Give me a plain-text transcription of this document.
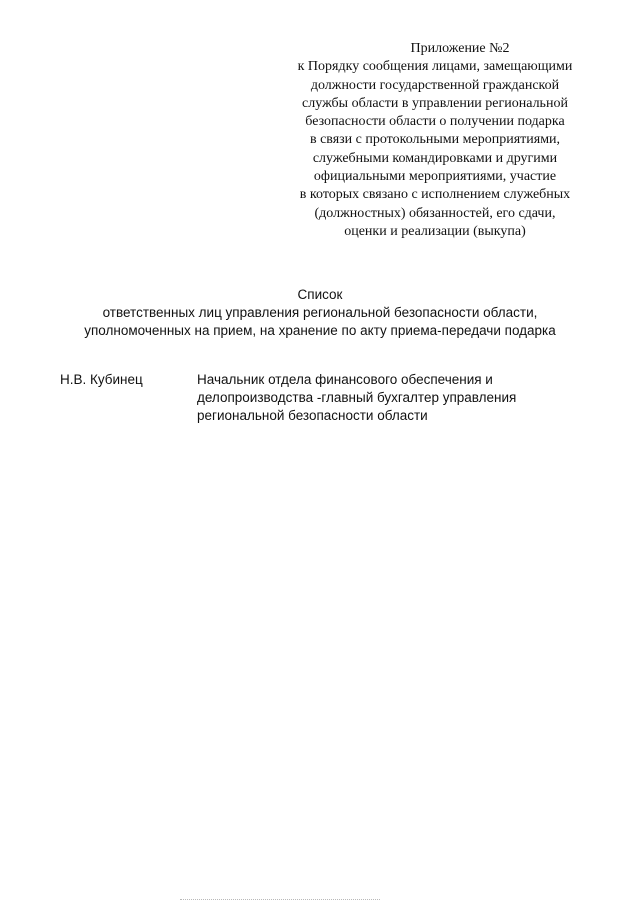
Приложение №2
к Порядку сообщения лицами, замещающими
должности государственной гражданской
службы области в управлении региональной
безопасности области о получении подарка
в связи с протокольными мероприятиями,
служебными командировками и другими
официальными мероприятиями, участие
в которых связано с исполнением служебных
(должностных) обязанностей, его сдачи,
оценки и реализации (выкупа)
Список
ответственных лиц управления региональной безопасности области,
уполномоченных на прием, на хранение по акту приема-передачи подарка
Н.В. Кубинец	Начальник отдела финансового обеспечения и
делопроизводства -главный бухгалтер управления
региональной безопасности области
